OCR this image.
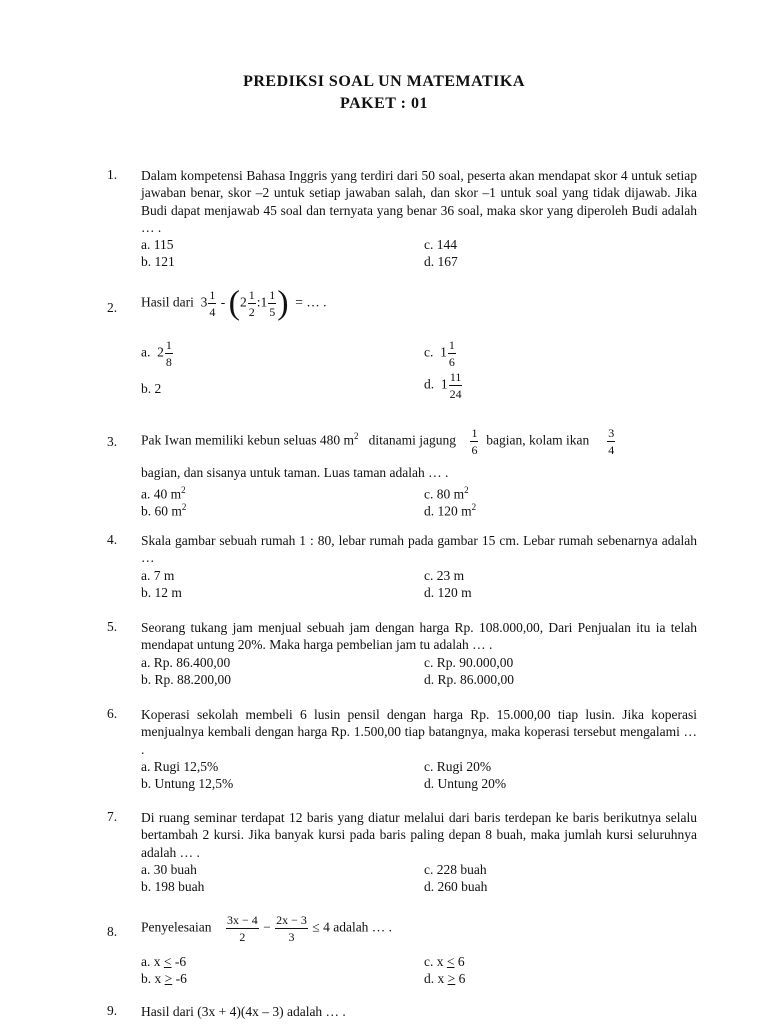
PREDIKSI SOAL UN MATEMATIKA
PAKET : 01
1. Dalam kompetensi Bahasa Inggris yang terdiri dari 50 soal, peserta akan mendapat skor 4 untuk setiap jawaban benar, skor –2 untuk setiap jawaban salah, dan skor –1 untuk soal yang tidak dijawab. Jika Budi dapat menjawab 45 soal dan ternyata yang benar 36 soal, maka skor yang diperoleh Budi adalah … .
a. 115	c. 144
b. 121	d. 167
2. Hasil dari $3 \frac{1}{4} - (2 \frac{1}{2}$ :1 $\frac{1}{5}$ ) = … .
a. $2 \frac{1}{8}$	c. $1 \frac{1}{6}$
b. 2	d. $1 \frac{11}{24}$
3. Pak Iwan memiliki kebun seluas 480 $m^2$ ditanami jagung $\frac{1}{6}$ bagian, kolam ikan $\frac{3}{4}$
bagian, dan sisanya untuk taman. Luas taman adalah … .
a. 40 $m^2$	c. 80 $m^2$
b. 60 $m^2$	d. 120 $m^2$
4. Skala gambar sebuah rumah 1 : 80, lebar rumah pada gambar 15 cm. Lebar rumah sebenarnya adalah …
a. 7 m	c. 23 m
b. 12 m	d. 120 m
5. Seorang tukang jam menjual sebuah jam dengan harga Rp. 108.000,00, Dari Penjualan itu ia telah mendapat untung 20%. Maka harga pembelian jam tu adalah … .
a. Rp. 86.400,00	c. Rp. 90.000,00
b. Rp. 88.200,00	d. Rp. 86.000,00
6. Koperasi sekolah membeli 6 lusin pensil dengan harga Rp. 15.000,00 tiap lusin. Jika koperasi menjualnya kembali dengan harga Rp. 1.500,00 tiap batangnya, maka koperasi tersebut mengalami … .
a. Rugi 12,5%	c. Rugi 20%
b. Untung 12,5%	d. Untung 20%
7. Di ruang seminar terdapat 12 baris yang diatur melalui dari baris terdepan ke baris berikutnya selalu bertambah 2 kursi. Jika banyak kursi pada baris paling depan 8 buah, maka jumlah kursi seluruhnya adalah … .
a. 30 buah	c. 228 buah
b. 198 buah	d. 260 buah
8. Penyelesaian $\frac{3x - 4}{2} - \frac{2x - 3}{3} \le 4$ adalah … .
a. x < -6	c. x < 6
b. x > -6	d. x > 6
9. Hasil dari (3x + 4)(4x – 3) adalah … .
